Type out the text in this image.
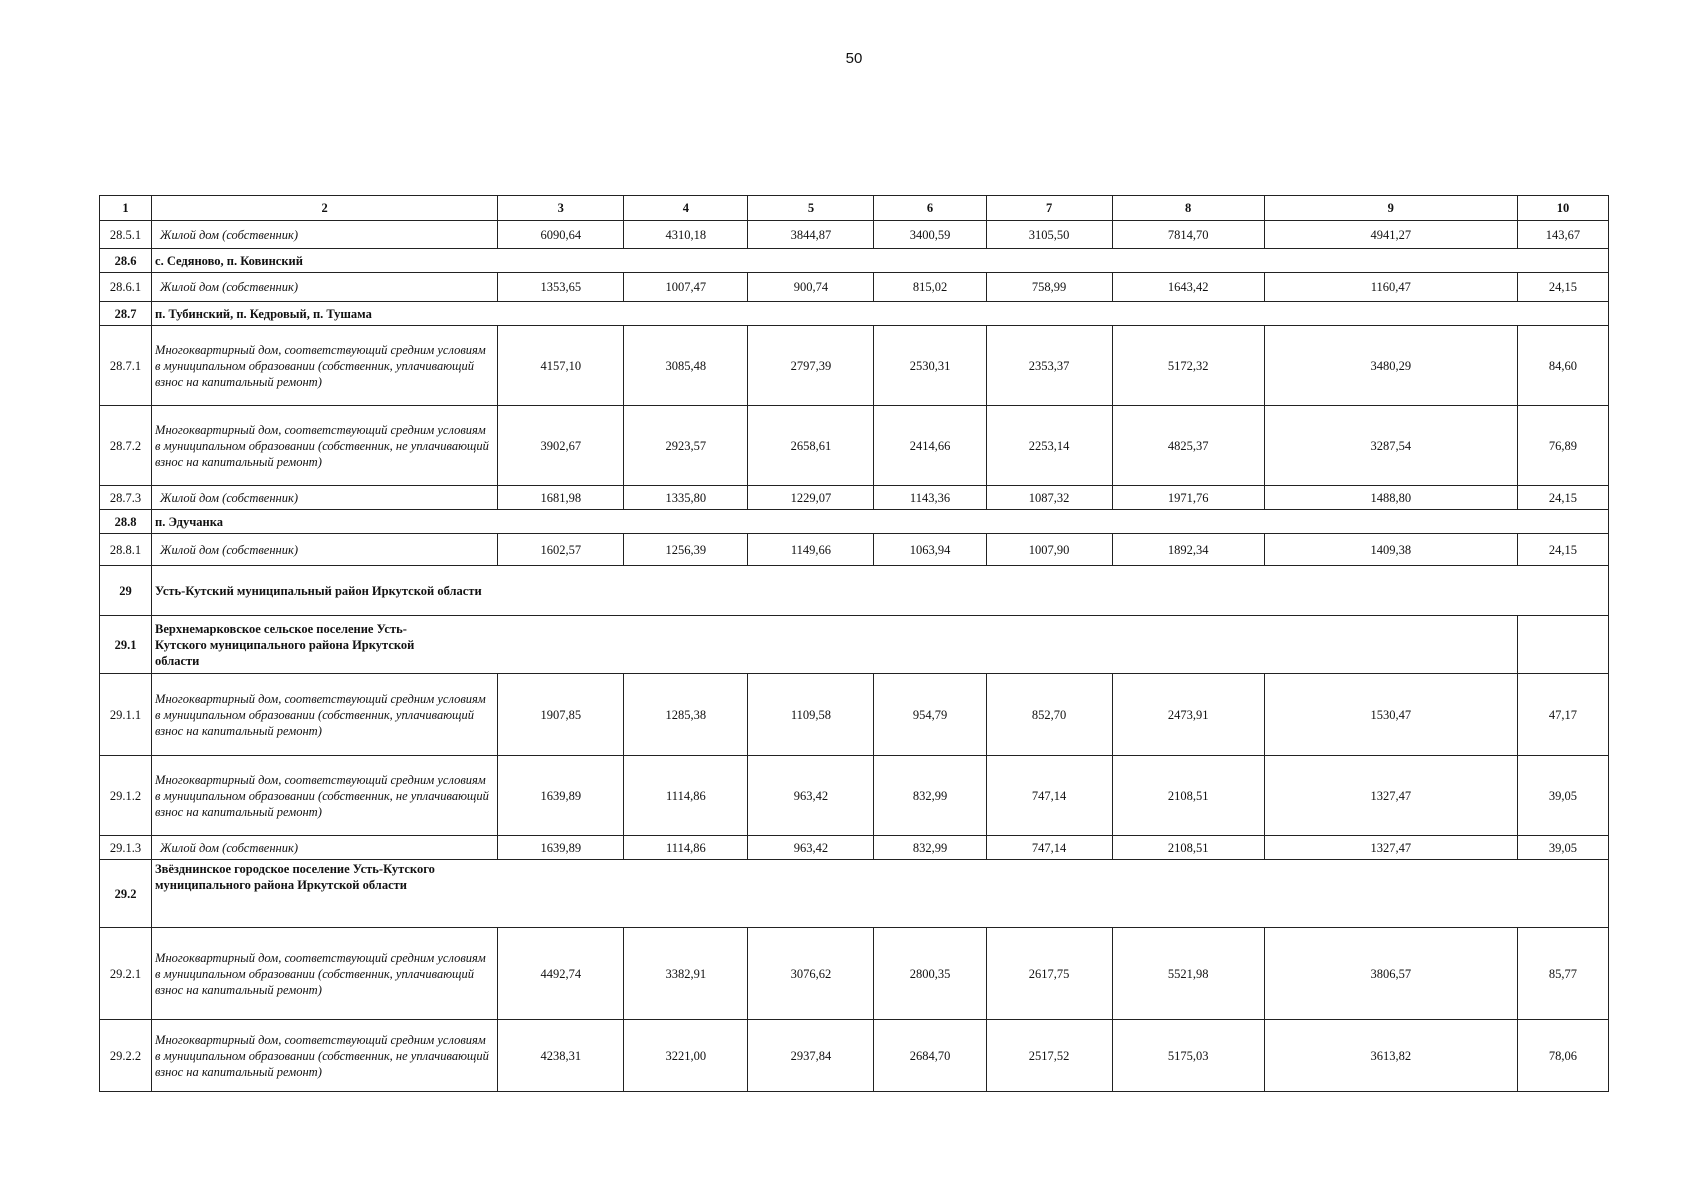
50
1	2	3	4	5	6	7	8	9	10
28.5.1	Жилой дом (собственник)	6090,64	4310,18	3844,87	3400,59	3105,50	7814,70	4941,27	143,67
28.6	с. Седяново, п. Ковинский								

28.6.1	Жилой дом (собственник)	1353,65	1007,47	900,74	815,02	758,99	1643,42	1160,47	24,15
28.7	п. Тубинский, п. Кедровый, п. Тушама								

28.7.1	Многоквартирный дом, соответствующий средним условиям в муниципальном образовании (собственник, уплачивающий взнос на капитальный ремонт)	4157,10	3085,48	2797,39	2530,31	2353,37	5172,32	3480,29	84,60
28.7.2	Многоквартирный дом, соответствующий средним условиям в муниципальном образовании (собственник, не уплачивающий взнос на капитальный ремонт)	3902,67	2923,57	2658,61	2414,66	2253,14	4825,37	3287,54	76,89
28.7.3	Жилой дом (собственник)	1681,98	1335,80	1229,07	1143,36	1087,32	1971,76	1488,80	24,15
28.8	п. Эдучанка								

28.8.1	Жилой дом (собственник)	1602,57	1256,39	1149,66	1063,94	1007,90	1892,34	1409,38	24,15
29	Усть-Кутский муниципальный район Иркутской области								

29.1	Верхнемарковское сельское поселение Усть-Кутского муниципального района Иркутской области								

29.1.1	Многоквартирный дом, соответствующий средним условиям в муниципальном образовании (собственник, уплачивающий взнос на капитальный ремонт)	1907,85	1285,38	1109,58	954,79	852,70	2473,91	1530,47	47,17
29.1.2	Многоквартирный дом, соответствующий средним условиям в муниципальном образовании (собственник, не уплачивающий взнос на капитальный ремонт)	1639,89	1114,86	963,42	832,99	747,14	2108,51	1327,47	39,05
29.1.3	Жилой дом (собственник)	1639,89	1114,86	963,42	832,99	747,14	2108,51	1327,47	39,05
29.2	Звёзднинское городское поселение Усть-Кутского муниципального района Иркутской области								

29.2.1	Многоквартирный дом, соответствующий средним условиям в муниципальном образовании (собственник, уплачивающий взнос на капитальный ремонт)	4492,74	3382,91	3076,62	2800,35	2617,75	5521,98	3806,57	85,77
29.2.2	Многоквартирный дом, соответствующий средним условиям в муниципальном образовании (собственник, не уплачивающий взнос на капитальный ремонт)	4238,31	3221,00	2937,84	2684,70	2517,52	5175,03	3613,82	78,06
